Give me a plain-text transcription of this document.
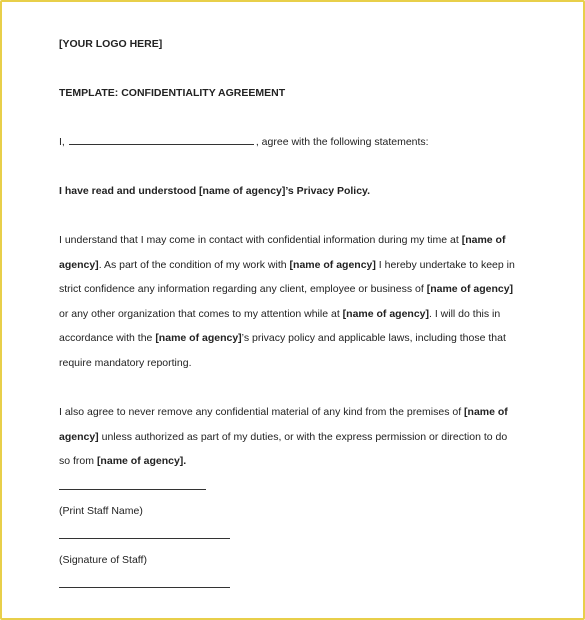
[YOUR LOGO HERE]
TEMPLATE: CONFIDENTIALITY AGREEMENT
I,	, agree with the following statements:
I have read and understood [name of agency]’s Privacy Policy.
I understand that I may come in contact with confidential information during my time at [name of agency]. As part of the condition of my work with [name of agency] I hereby undertake to keep in strict confidence any information regarding any client, employee or business of [name of agency] or any other organization that comes to my attention while at [name of agency]. I will do this in accordance with the [name of agency]’s privacy policy and applicable laws, including those that require mandatory reporting.
I also agree to never remove any confidential material of any kind from the premises of [name of agency] unless authorized as part of my duties, or with the express permission or direction to do so from [name of agency].
(Print Staff Name)
(Signature of Staff)
